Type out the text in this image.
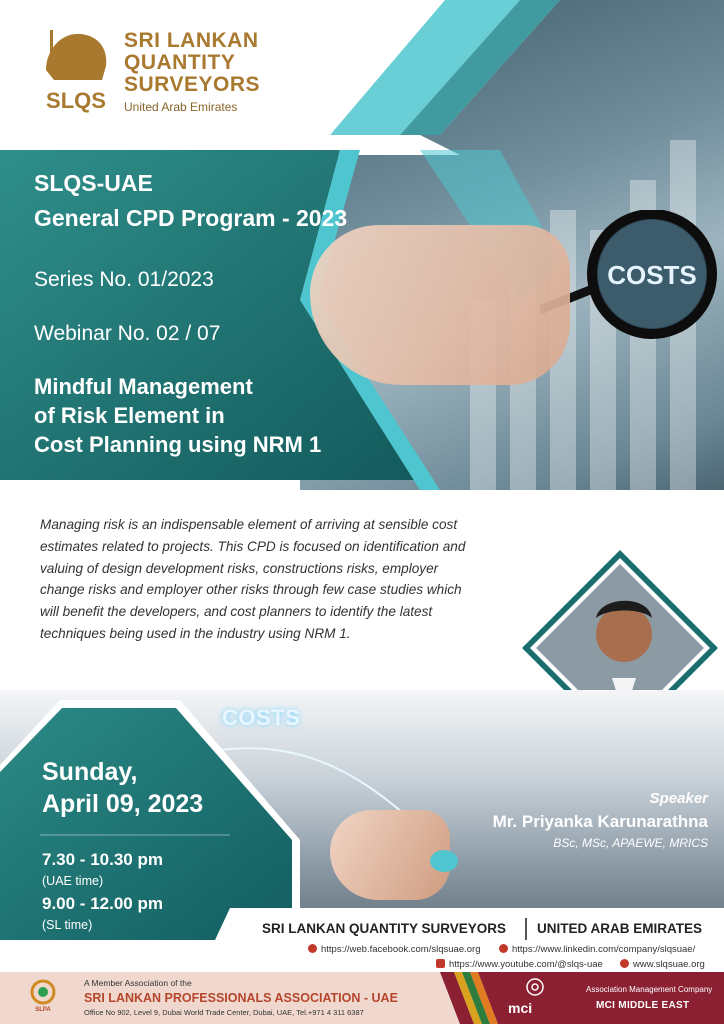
SLQS
SRI LANKAN
QUANTITY
SURVEYORS
United Arab Emirates
COSTS
SLQS-UAE
General CPD Program - 2023
Series No. 01/2023
Webinar No. 02 / 07
Mindful Management
of Risk Element in
Cost Planning using NRM 1
Managing risk is an indispensable element of arriving at sensible cost estimates related to projects. This CPD is focused on identification and valuing of design development risks, constructions risks, employer change risks and employer other risks through few case studies which will benefit the developers, and cost planners to identify the latest techniques being used in the industry using NRM 1.
COSTS
Sunday,
April 09, 2023
7.30 - 10.30 pm
(UAE time)
9.00 - 12.00 pm
(SL time)
Speaker
Mr. Priyanka Karunarathna
BSc, MSc, APAEWE, MRICS
SRI LANKAN QUANTITY SURVEYORS UNITED ARAB EMIRATES
https://web.facebook.com/slqsuae.org	https://www.linkedin.com/company/slqsuae/
https://www.youtube.com/@slqs-uae	www.slqsuae.org
SLPA
A Member Association of the
SRI LANKAN PROFESSIONALS ASSOCIATION - UAE
Office No 902, Level 9, Dubai World Trade Center, Dubai, UAE, Tel.+971 4 311 6387	mci
Association Management Company
MCI MIDDLE EAST
